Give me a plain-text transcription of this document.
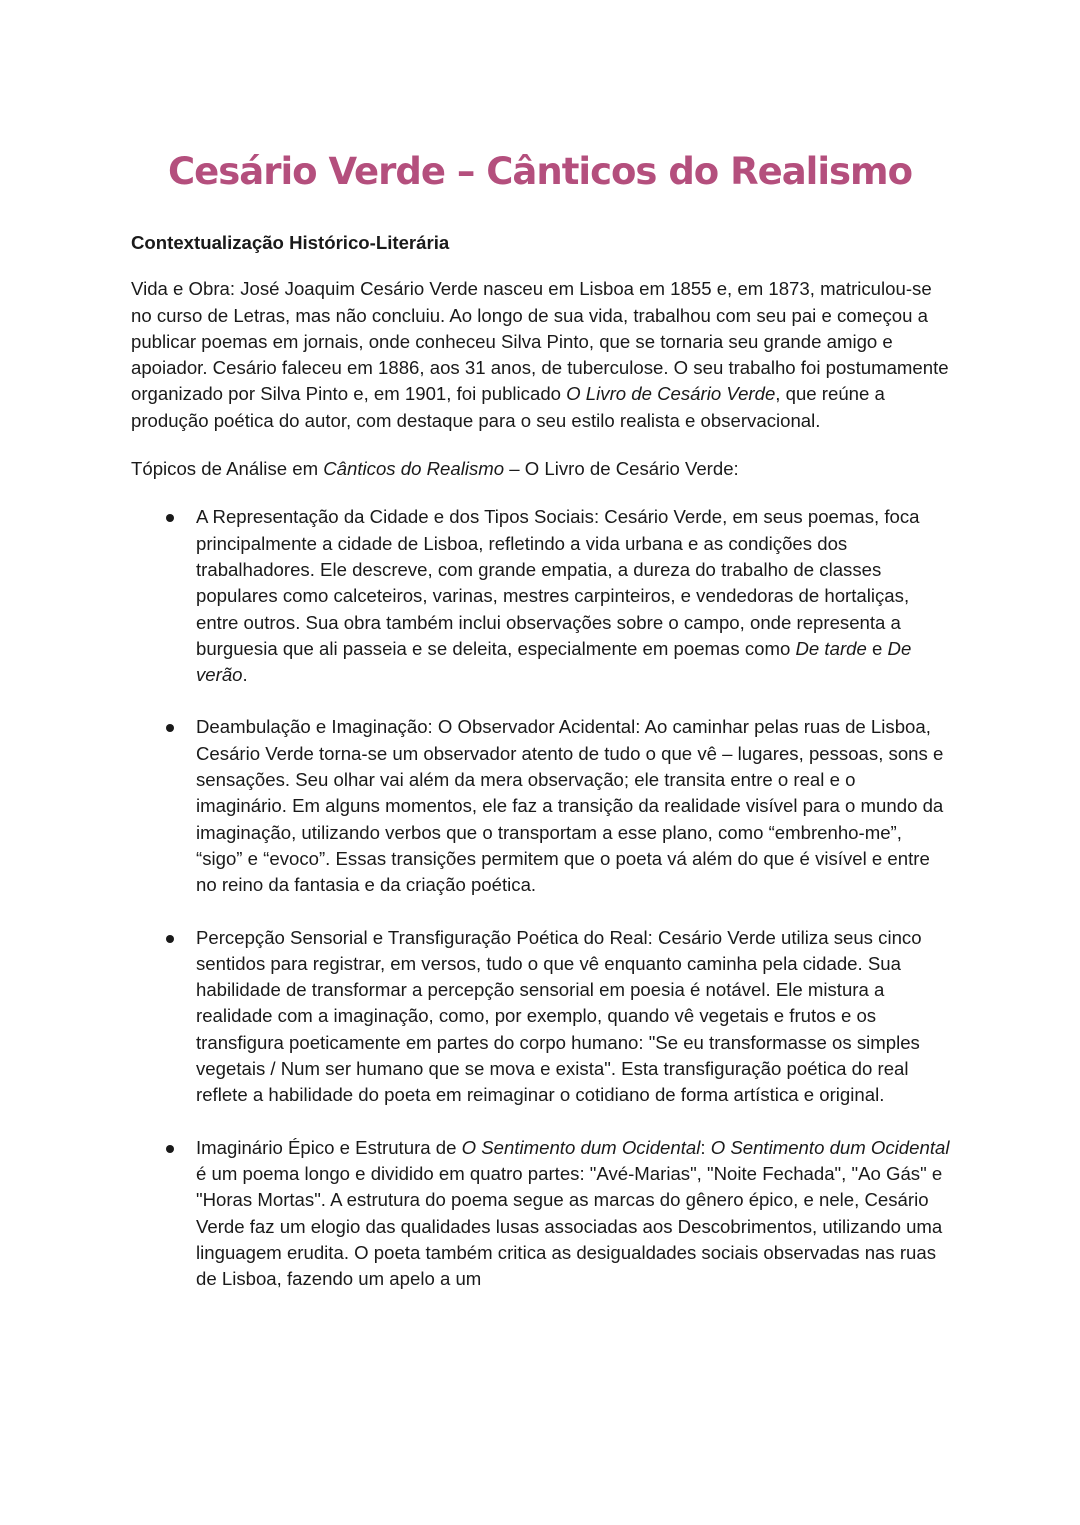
Cesário Verde – Cânticos do Realismo

Contextualização Histórico-Literária

Vida e Obra: José Joaquim Cesário Verde nasceu em Lisboa em 1855 e, em 1873, matriculou-se no curso de Letras, mas não concluiu. Ao longo de sua vida, trabalhou com seu pai e começou a publicar poemas em jornais, onde conheceu Silva Pinto, que se tornaria seu grande amigo e apoiador. Cesário faleceu em 1886, aos 31 anos, de tuberculose. O seu trabalho foi postumamente organizado por Silva Pinto e, em 1901, foi publicado O Livro de Cesário Verde, que reúne a produção poética do autor, com destaque para o seu estilo realista e observacional.

Tópicos de Análise em Cânticos do Realismo – O Livro de Cesário Verde:

A Representação da Cidade e dos Tipos Sociais: Cesário Verde, em seus poemas, foca principalmente a cidade de Lisboa, refletindo a vida urbana e as condições dos trabalhadores. Ele descreve, com grande empatia, a dureza do trabalho de classes populares como calceteiros, varinas, mestres carpinteiros, e vendedoras de hortaliças, entre outros. Sua obra também inclui observações sobre o campo, onde representa a burguesia que ali passeia e se deleita, especialmente em poemas como De tarde e De verão.
Deambulação e Imaginação: O Observador Acidental: Ao caminhar pelas ruas de Lisboa, Cesário Verde torna-se um observador atento de tudo o que vê – lugares, pessoas, sons e sensações. Seu olhar vai além da mera observação; ele transita entre o real e o imaginário. Em alguns momentos, ele faz a transição da realidade visível para o mundo da imaginação, utilizando verbos que o transportam a esse plano, como “embrenho-me”, “sigo” e “evoco”. Essas transições permitem que o poeta vá além do que é visível e entre no reino da fantasia e da criação poética.
Percepção Sensorial e Transfiguração Poética do Real: Cesário Verde utiliza seus cinco sentidos para registrar, em versos, tudo o que vê enquanto caminha pela cidade. Sua habilidade de transformar a percepção sensorial em poesia é notável. Ele mistura a realidade com a imaginação, como, por exemplo, quando vê vegetais e frutos e os transfigura poeticamente em partes do corpo humano: "Se eu transformasse os simples vegetais / Num ser humano que se mova e exista". Esta transfiguração poética do real reflete a habilidade do poeta em reimaginar o cotidiano de forma artística e original.
Imaginário Épico e Estrutura de O Sentimento dum Ocidental: O Sentimento dum Ocidental é um poema longo e dividido em quatro partes: "Avé-Marias", "Noite Fechada", "Ao Gás" e "Horas Mortas". A estrutura do poema segue as marcas do gênero épico, e nele, Cesário Verde faz um elogio das qualidades lusas associadas aos Descobrimentos, utilizando uma linguagem erudita. O poeta também critica as desigualdades sociais observadas nas ruas de Lisboa, fazendo um apelo a um
